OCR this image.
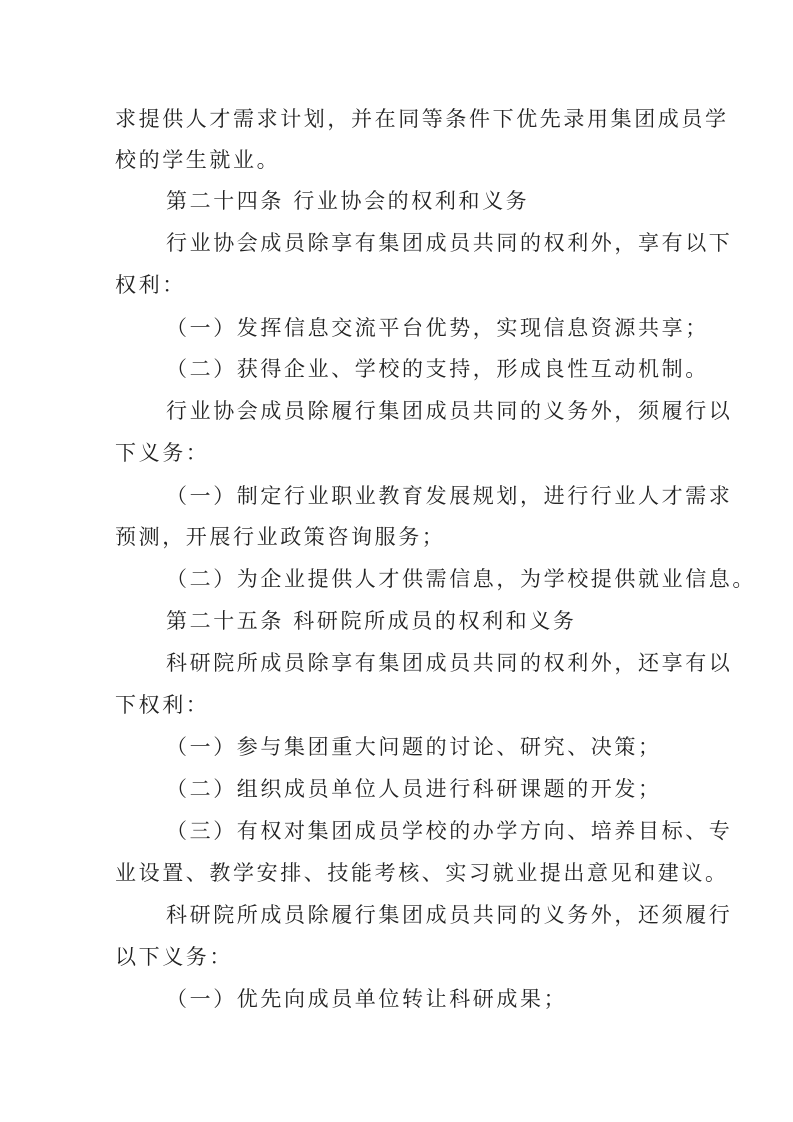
求提供人才需求计划，并在同等条件下优先录用集团成员学
校的学生就业。
第二十四条 行业协会的权利和义务
行业协会成员除享有集团成员共同的权利外，享有以下
权利：
（一）发挥信息交流平台优势，实现信息资源共享；
（二）获得企业、学校的支持，形成良性互动机制。
行业协会成员除履行集团成员共同的义务外，须履行以
下义务：
（一）制定行业职业教育发展规划，进行行业人才需求
预测，开展行业政策咨询服务；
（二）为企业提供人才供需信息，为学校提供就业信息。
第二十五条 科研院所成员的权利和义务
科研院所成员除享有集团成员共同的权利外，还享有以
下权利：
（一）参与集团重大问题的讨论、研究、决策；
（二）组织成员单位人员进行科研课题的开发；
（三）有权对集团成员学校的办学方向、培养目标、专
业设置、教学安排、技能考核、实习就业提出意见和建议。
科研院所成员除履行集团成员共同的义务外，还须履行
以下义务：
（一）优先向成员单位转让科研成果；
